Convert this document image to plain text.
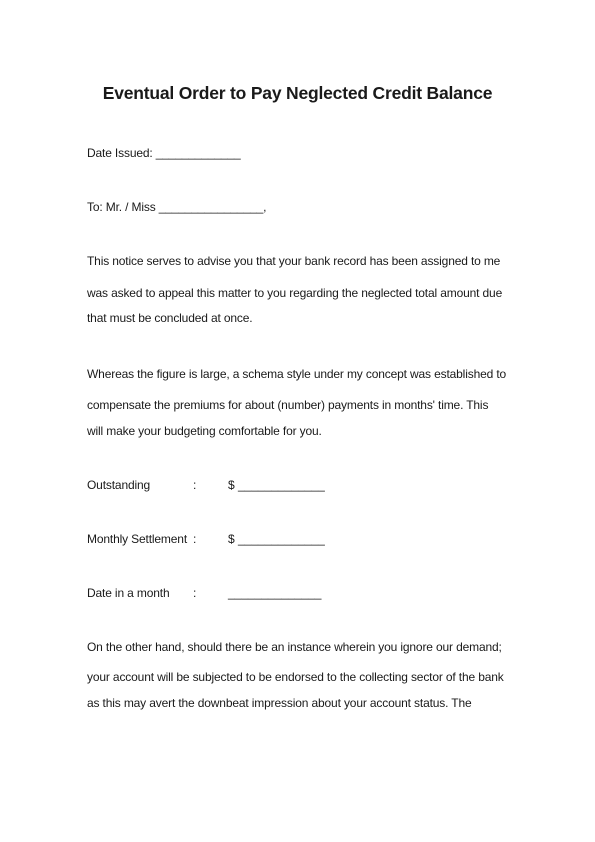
Eventual Order to Pay Neglected Credit Balance
Date Issued: _____________
To: Mr. / Miss ________________,
This notice serves to advise you that your bank record has been assigned to me
was asked to appeal this matter to you regarding the neglected total amount due
that must be concluded at once.
Whereas the figure is large, a schema style under my concept was established to
compensate the premiums for about (number) payments in months' time. This
will make your budgeting comfortable for you.
Outstanding	:	$ _____________
Monthly Settlement :	$ _____________
Date in a month :	______________
On the other hand, should there be an instance wherein you ignore our demand;
your account will be subjected to be endorsed to the collecting sector of the bank
as this may avert the downbeat impression about your account status. The
